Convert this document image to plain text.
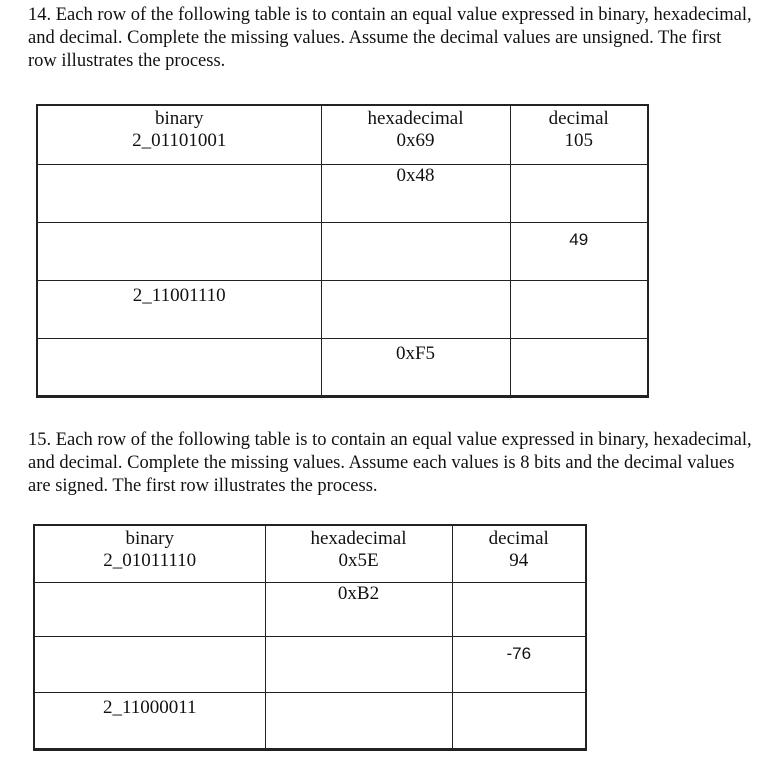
14. Each row of the following table is to contain an equal value expressed in binary, hexadecimal, and decimal. Complete the missing values. Assume the decimal values are unsigned. The first row illustrates the process.

binary	hexadecimal	decimal
2_01101001	0x69	105

	0x48	

		49

2_11001110		

	0xF5	

15. Each row of the following table is to contain an equal value expressed in binary, hexadecimal, and decimal. Complete the missing values. Assume each values is 8 bits and the decimal values are signed. The first row illustrates the process.

binary	hexadecimal	decimal
2_01011110	0x5E	94

	0xB2	

		-76

2_11000011		
